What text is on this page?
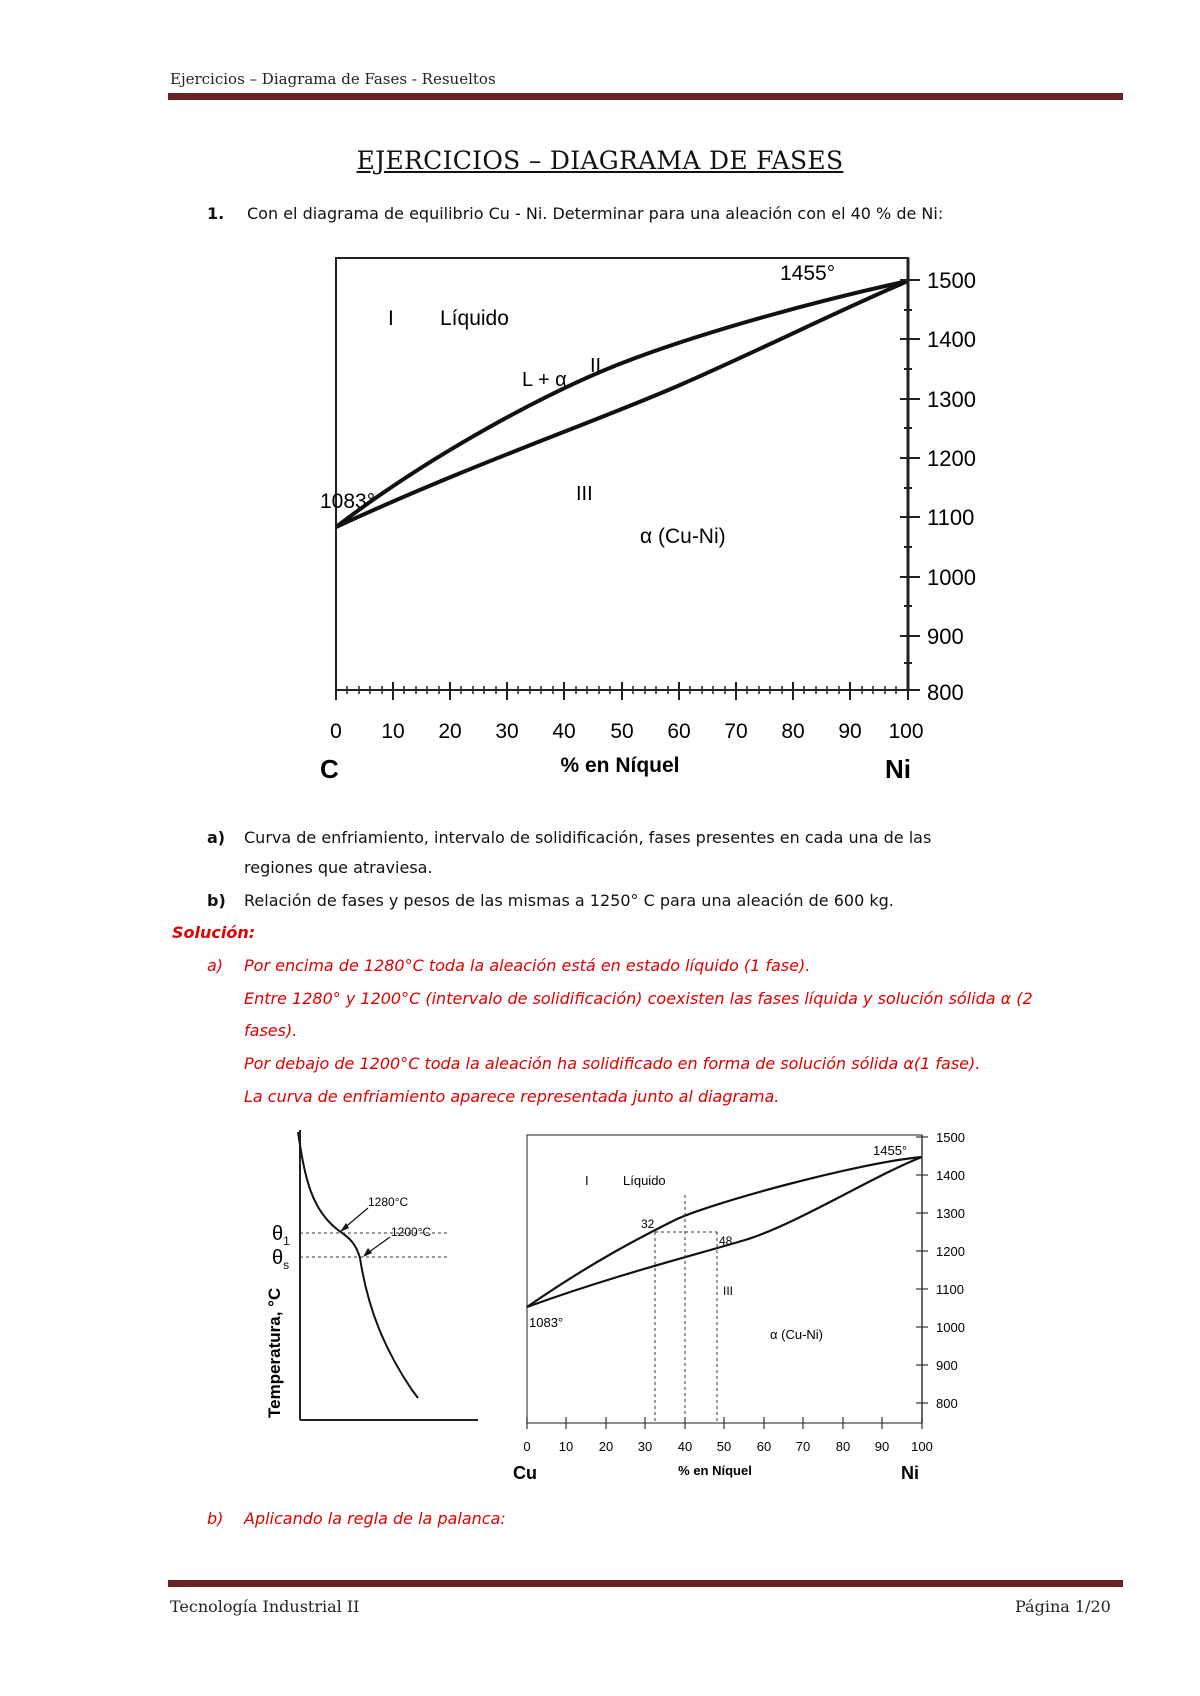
Ejercicios – Diagrama de Fases - Resueltos
EJERCICIOS – DIAGRAMA DE FASES
1. Con el diagrama de equilibrio Cu - Ni. Determinar para una aleación con el 40 % de Ni:
I Líquido
L + α
II
III
α (Cu-Ni)
1455°
1083°
1500
1400
1300
1200
1100
1000
900
800
0 10 20 30 40 50 60 70 80 90 100
% en Níquel
C	Ni
a) Curva de enfriamiento, intervalo de solidificación, fases presentes en cada una de las
regiones que atraviesa.
b) Relación de fases y pesos de las mismas a 1250° C para una aleación de 600 kg.
Solución:
a) Por encima de 1280°C toda la aleación está en estado líquido (1 fase).
Entre 1280° y 1200°C (intervalo de solidificación) coexisten las fases líquida y solución sólida α (2
fases).
Por debajo de 1200°C toda la aleación ha solidificado en forma de solución sólida α(1 fase).
La curva de enfriamiento aparece representada junto al diagrama.
$\theta_1$
$\theta_s$
1280°C
1200°C
Temperatura, °C
I	Líquido
III
α (Cu-Ni)
1455°
1083°
32
48
1500
1400
1300
1200
1100
1000
900
800
0 10 20 30 40 50 60 70 80 90 100
% en Níquel
Cu	Ni
b) Aplicando la regla de la palanca:
Tecnología Industrial II	Página 1/20
